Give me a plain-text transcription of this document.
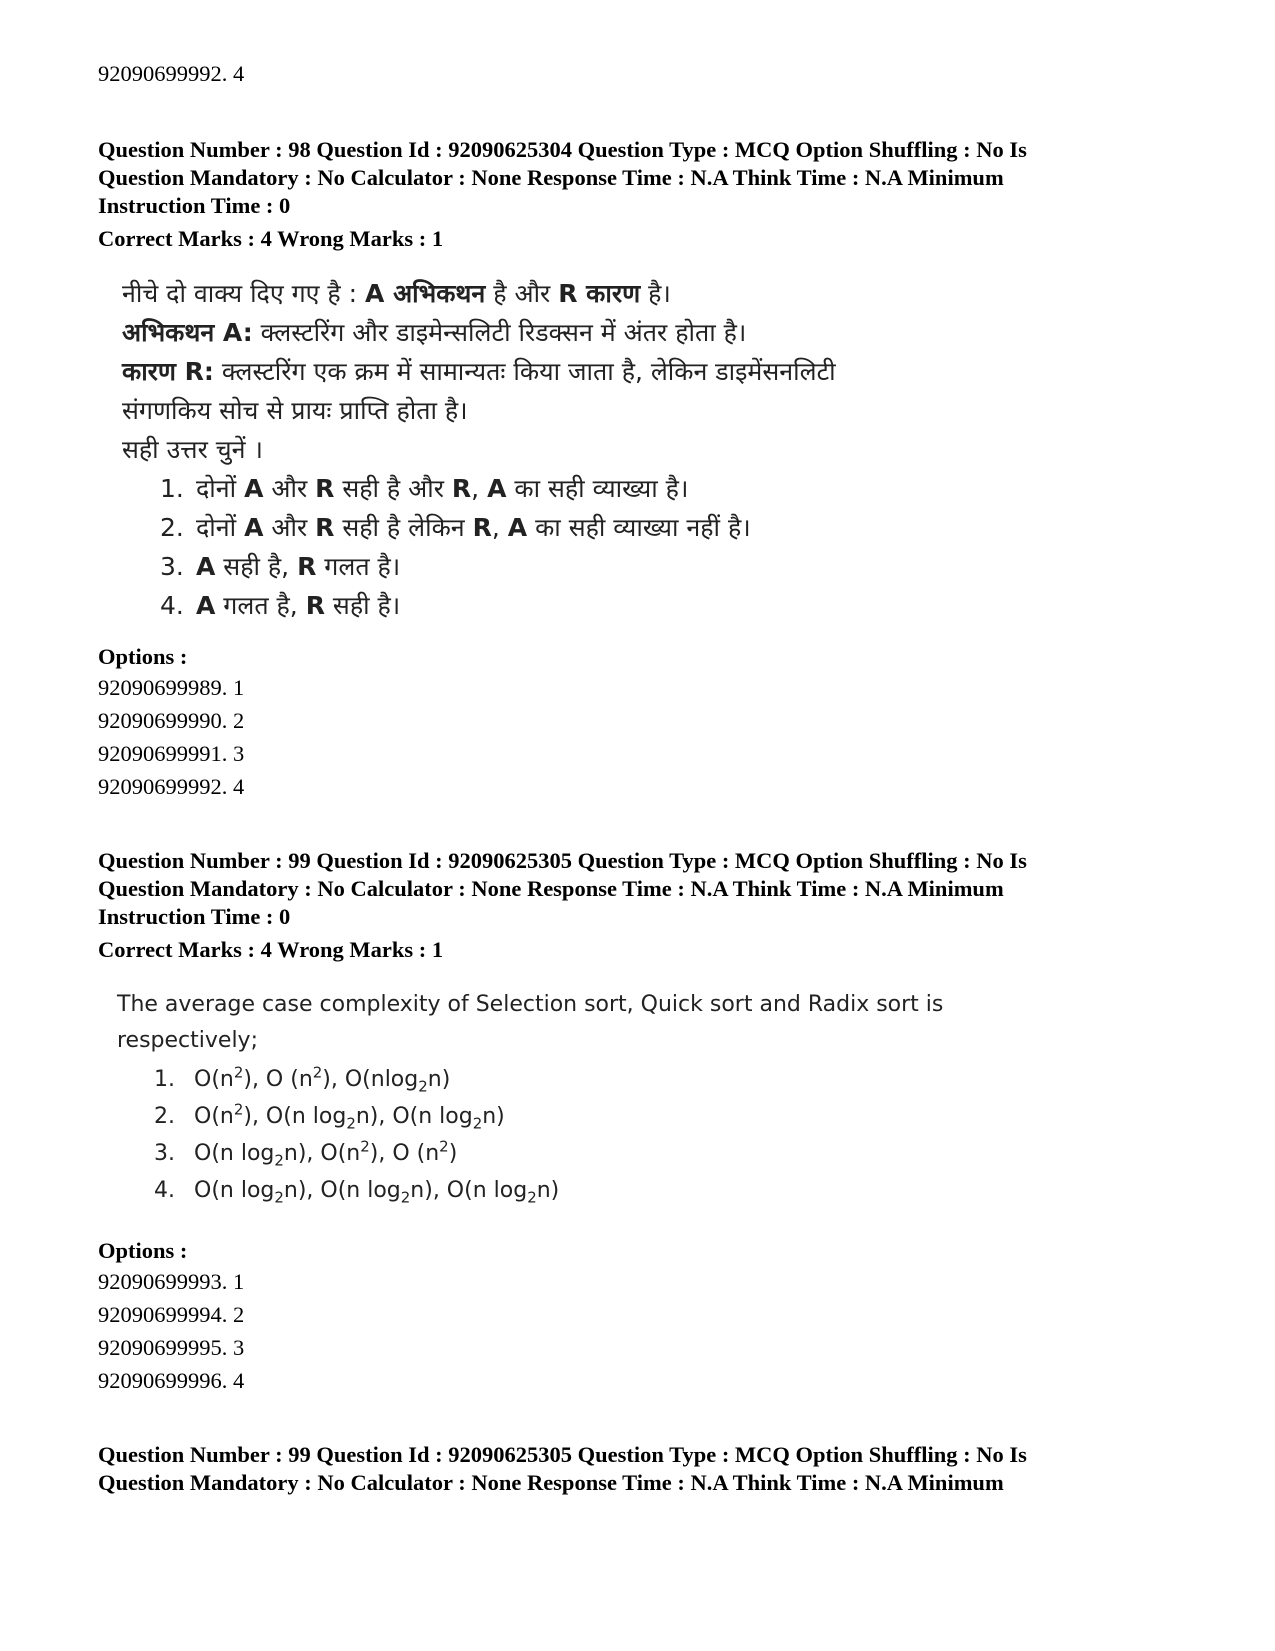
92090699992. 4
Question Number : 98 Question Id : 92090625304 Question Type : MCQ Option Shuffling : No Is
Question Mandatory : No Calculator : None Response Time : N.A Think Time : N.A Minimum
Instruction Time : 0
Correct Marks : 4 Wrong Marks : 1
नीचे दो वाक्य दिए गए है : A अभिकथन है और R कारण है।
अभिकथन A: क्लस्टरिंग और डाइमेन्सलिटी रिडक्सन में अंतर होता है।
कारण R: क्लस्टरिंग एक क्रम में सामान्यतः किया जाता है, लेकिन डाइमेंसनलिटी
संगणकिय सोच से प्रायः प्राप्ति होता है।
सही उत्तर चुनें ।
1. दोनों A और R सही है और R, A का सही व्याख्या है।
2. दोनों A और R सही है लेकिन R, A का सही व्याख्या नहीं है।
3. A सही है, R गलत है।
4. A गलत है, R सही है।
Options :
92090699989. 1
92090699990. 2
92090699991. 3
92090699992. 4
Question Number : 99 Question Id : 92090625305 Question Type : MCQ Option Shuffling : No Is
Question Mandatory : No Calculator : None Response Time : N.A Think Time : N.A Minimum
Instruction Time : 0
Correct Marks : 4 Wrong Marks : 1
The average case complexity of Selection sort, Quick sort and Radix sort is
respectively;
1. $O(n^2)$, O $(n^2)$, O(nlog$_2$n)
2. $O(n^2)$, O(n $\log_2n$), O(n $\log_2n$)
3. O(n $\log_2n$), $O(n^2)$, O $(n^2)$
4. O(n $\log_2n$), O(n $\log_2n$), O(n $\log_2n$)
Options :
92090699993. 1
92090699994. 2
92090699995. 3
92090699996. 4
Question Number : 99 Question Id : 92090625305 Question Type : MCQ Option Shuffling : No Is
Question Mandatory : No Calculator : None Response Time : N.A Think Time : N.A Minimum
